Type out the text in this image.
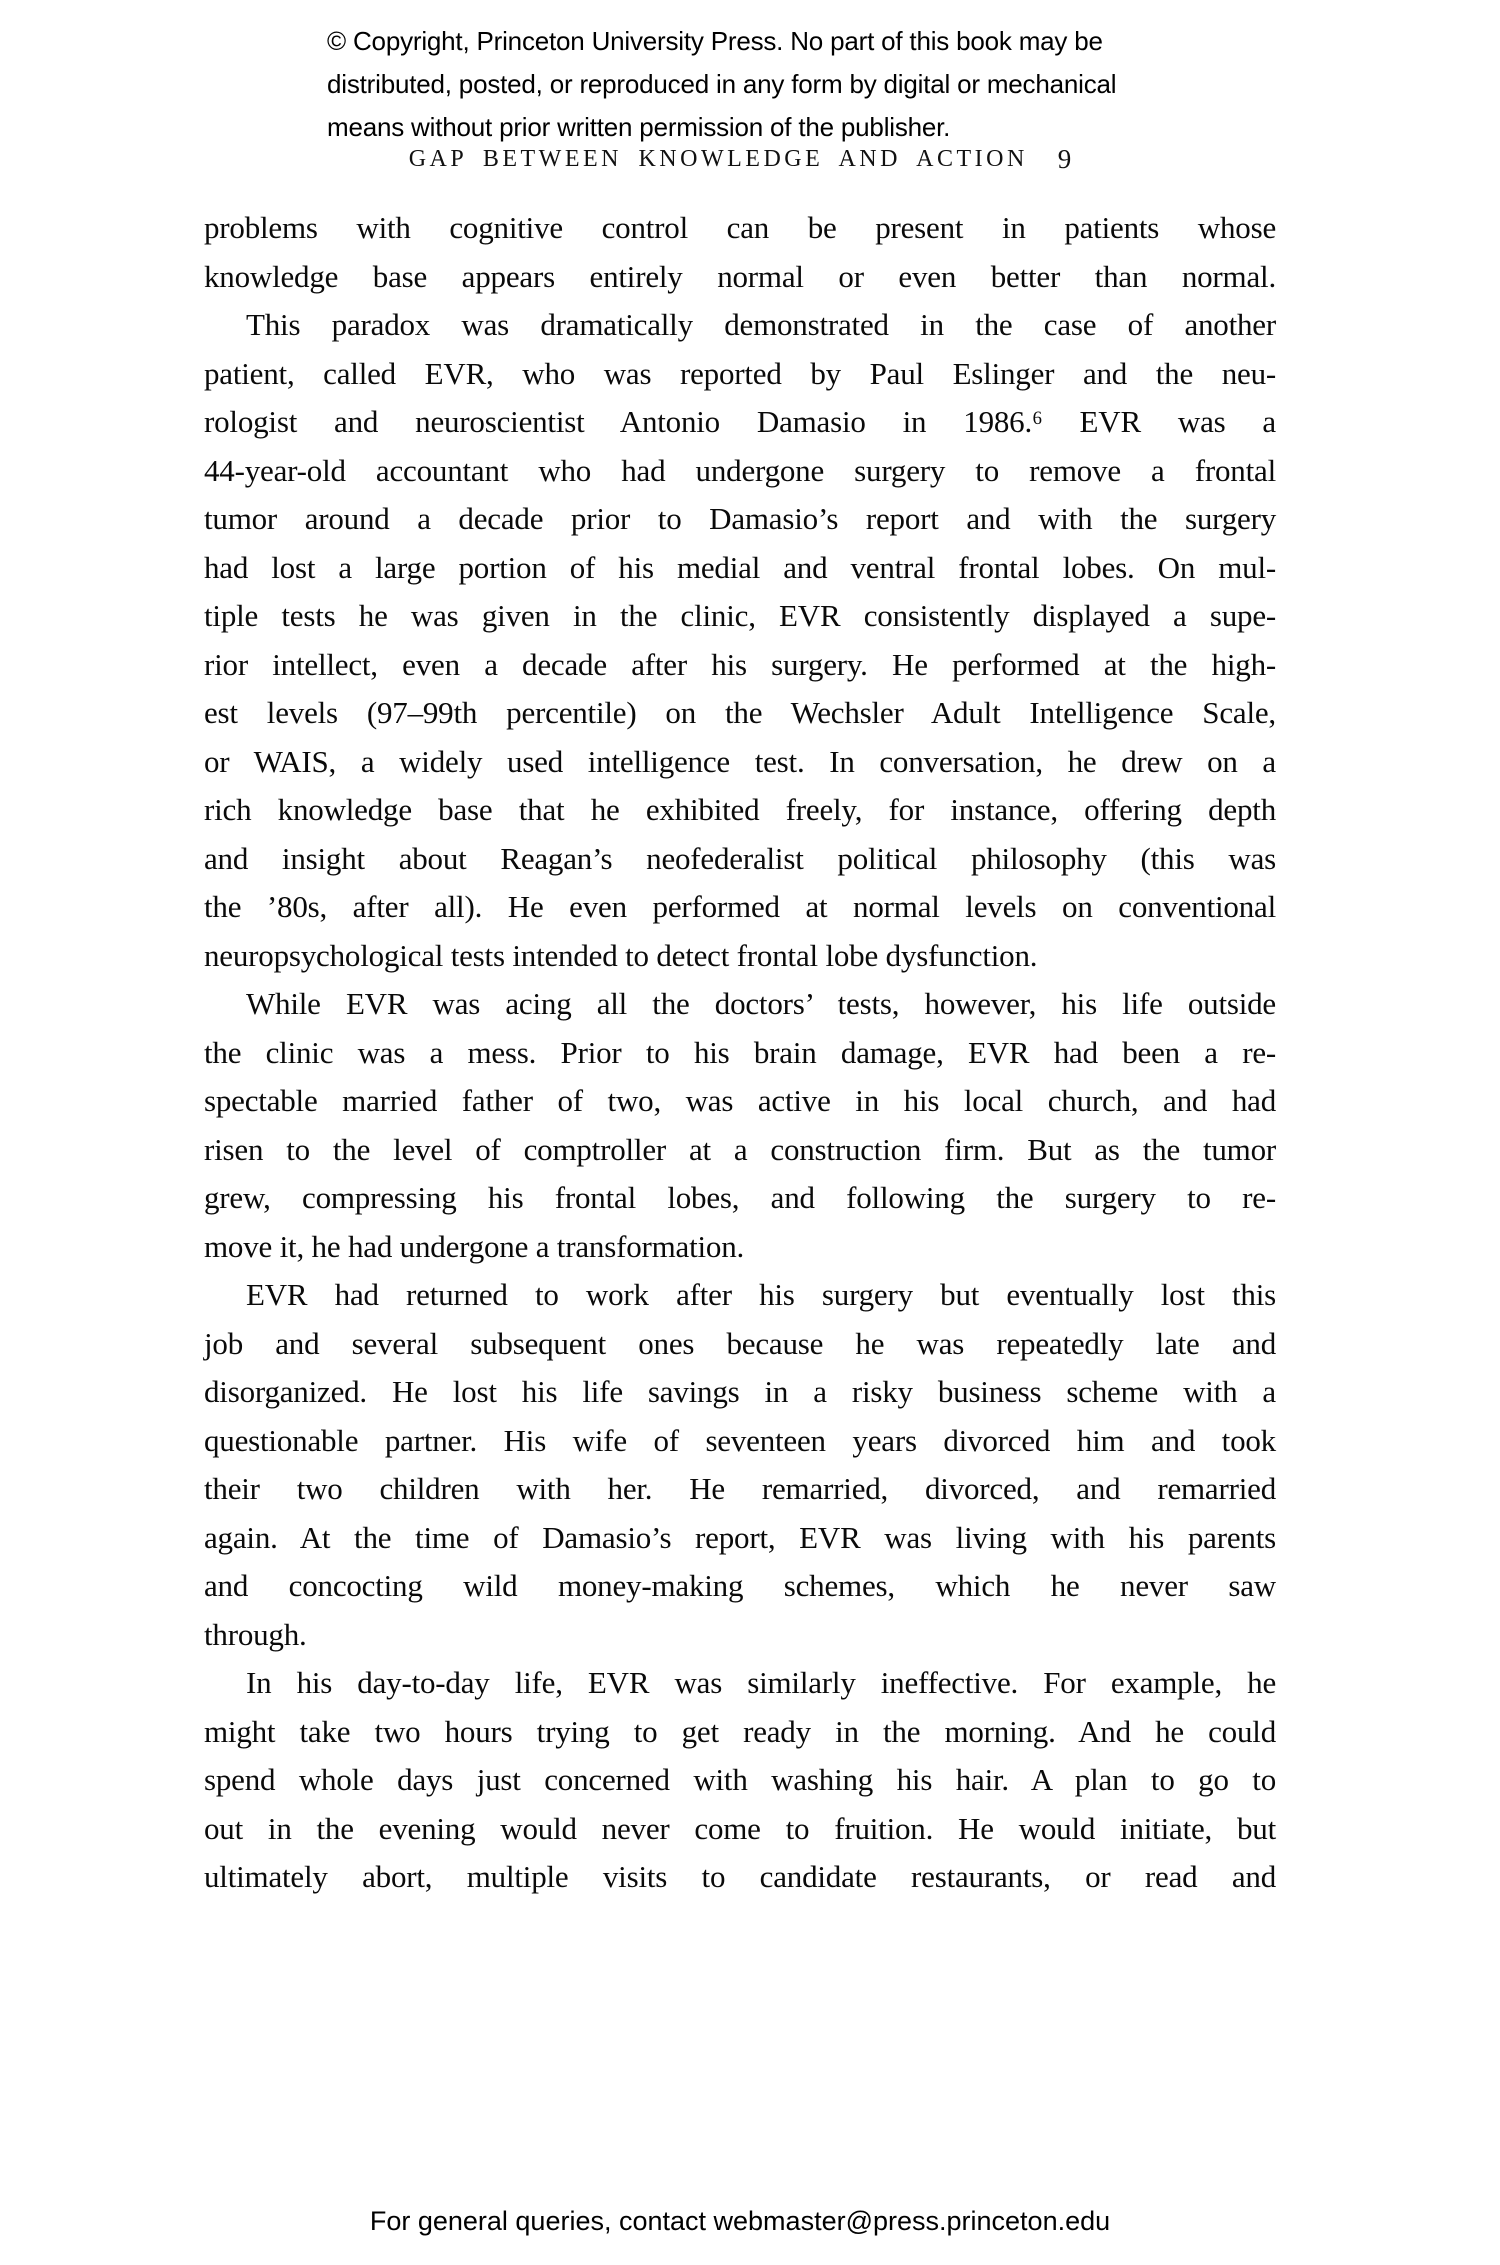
© Copyright, Princeton University Press. No part of this book may be
distributed, posted, or reproduced in any form by digital or mechanical
means without prior written permission of the publisher.
GAP BETWEEN KNOWLEDGE AND ACTION 9
problems with cognitive control can be present in patients whose
knowledge base appears entirely normal or even better than normal.
This paradox was dramatically demonstrated in the case of another
patient, called EVR, who was reported by Paul Eslinger and the neu-
rologist and neuroscientist Antonio Damasio in 1986.⁶ EVR was a
44-year-old accountant who had undergone surgery to remove a frontal
tumor around a decade prior to Damasio’s report and with the surgery
had lost a large portion of his medial and ventral frontal lobes. On mul-
tiple tests he was given in the clinic, EVR consistently displayed a supe-
rior intellect, even a decade after his surgery. He performed at the high-
est levels (97–99th percentile) on the Wechsler Adult Intelligence Scale,
or WAIS, a widely used intelligence test. In conversation, he drew on a
rich knowledge base that he exhibited freely, for instance, offering depth
and insight about Reagan’s neofederalist political philosophy (this was
the ’80s, after all). He even performed at normal levels on conventional
neuropsychological tests intended to detect frontal lobe dysfunction.
While EVR was acing all the doctors’ tests, however, his life outside
the clinic was a mess. Prior to his brain damage, EVR had been a re-
spectable married father of two, was active in his local church, and had
risen to the level of comptroller at a construction firm. But as the tumor
grew, compressing his frontal lobes, and following the surgery to re-
move it, he had undergone a transformation.
EVR had returned to work after his surgery but eventually lost this
job and several subsequent ones because he was repeatedly late and
disorganized. He lost his life savings in a risky business scheme with a
questionable partner. His wife of seventeen years divorced him and took
their two children with her. He remarried, divorced, and remarried
again. At the time of Damasio’s report, EVR was living with his parents
and concocting wild money-making schemes, which he never saw
through.
In his day-to-day life, EVR was similarly ineffective. For example, he
might take two hours trying to get ready in the morning. And he could
spend whole days just concerned with washing his hair. A plan to go to
out in the evening would never come to fruition. He would initiate, but
ultimately abort, multiple visits to candidate restaurants, or read and
For general queries, contact webmaster@press.princeton.edu
